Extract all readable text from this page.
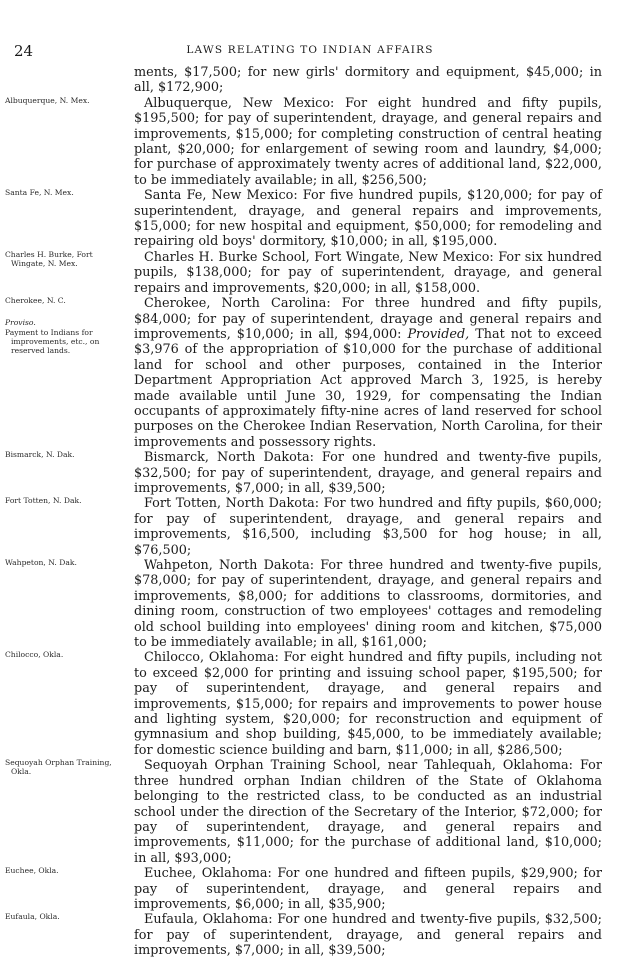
24	LAWS RELATING TO INDIAN AFFAIRS

ments, $17,500; for new girls' dormitory and equipment, $45,000; in all, $172,900;

Albuquerque, N. Mex.	Albuquerque, New Mexico: For eight hundred and fifty pupils, $195,500; for pay of superintendent, drayage, and general repairs and improvements, $15,000; for completing construction of central heating plant, $20,000; for enlargement of sewing room and laundry, $4,000; for purchase of approximately twenty acres of additional land, $22,000, to be immediately available; in all, $256,500;

Santa Fe, N. Mex.	Santa Fe, New Mexico: For five hundred pupils, $120,000; for pay of superintendent, drayage, and general repairs and improvements, $15,000; for new hospital and equipment, $50,000; for remodeling and repairing old boys' dormitory, $10,000; in all, $195,000.

Charles H. Burke, Fort Wingate, N. Mex.	Charles H. Burke School, Fort Wingate, New Mexico: For six hundred pupils, $138,000; for pay of superintendent, drayage, and general repairs and improvements, $20,000; in all, $158,000.

Cherokee, N. C.
Proviso.
Payment to Indians for improvements, etc., on reserved lands.
Cherokee, North Carolina: For three hundred and fifty pupils, $84,000; for pay of superintendent, drayage and general repairs and improvements, $10,000; in all, $94,000: Provided, That not to exceed $3,976 of the appropriation of $10,000 for the purchase of additional land for school and other purposes, contained in the Interior Department Appropriation Act approved March 3, 1925, is hereby made available until June 30, 1929, for compensating the Indian occupants of approximately fifty-nine acres of land reserved for school purposes on the Cherokee Indian Reservation, North Carolina, for their improvements and possessory rights.

Bismarck, N. Dak.	Bismarck, North Dakota: For one hundred and twenty-five pupils, $32,500; for pay of superintendent, drayage, and general repairs and improvements, $7,000; in all, $39,500;

Fort Totten, N. Dak.	Fort Totten, North Dakota: For two hundred and fifty pupils, $60,000; for pay of superintendent, drayage, and general repairs and improvements, $16,500, including $3,500 for hog house; in all, $76,500;

Wahpeton, N. Dak.	Wahpeton, North Dakota: For three hundred and twenty-five pupils, $78,000; for pay of superintendent, drayage, and general repairs and improvements, $8,000; for additions to classrooms, dormitories, and dining room, construction of two employees' cottages and remodeling old school building into employees' dining room and kitchen, $75,000 to be immediately available; in all, $161,000;

Chilocco, Okla.	Chilocco, Oklahoma: For eight hundred and fifty pupils, including not to exceed $2,000 for printing and issuing school paper, $195,500; for pay of superintendent, drayage, and general repairs and improvements, $15,000; for repairs and improvements to power house and lighting system, $20,000; for reconstruction and equipment of gymnasium and shop building, $45,000, to be immediately available; for domestic science building and barn, $11,000; in all, $286,500;

Sequoyah Orphan Training, Okla.	Sequoyah Orphan Training School, near Tahlequah, Oklahoma: For three hundred orphan Indian children of the State of Oklahoma belonging to the restricted class, to be conducted as an industrial school under the direction of the Secretary of the Interior, $72,000; for pay of superintendent, drayage, and general repairs and improvements, $11,000; for the purchase of additional land, $10,000; in all, $93,000;

Euchee, Okla.	Euchee, Oklahoma: For one hundred and fifteen pupils, $29,900; for pay of superintendent, drayage, and general repairs and improvements, $6,000; in all, $35,900;

Eufaula, Okla.	Eufaula, Oklahoma: For one hundred and twenty-five pupils, $32,500; for pay of superintendent, drayage, and general repairs and improvements, $7,000; in all, $39,500;
